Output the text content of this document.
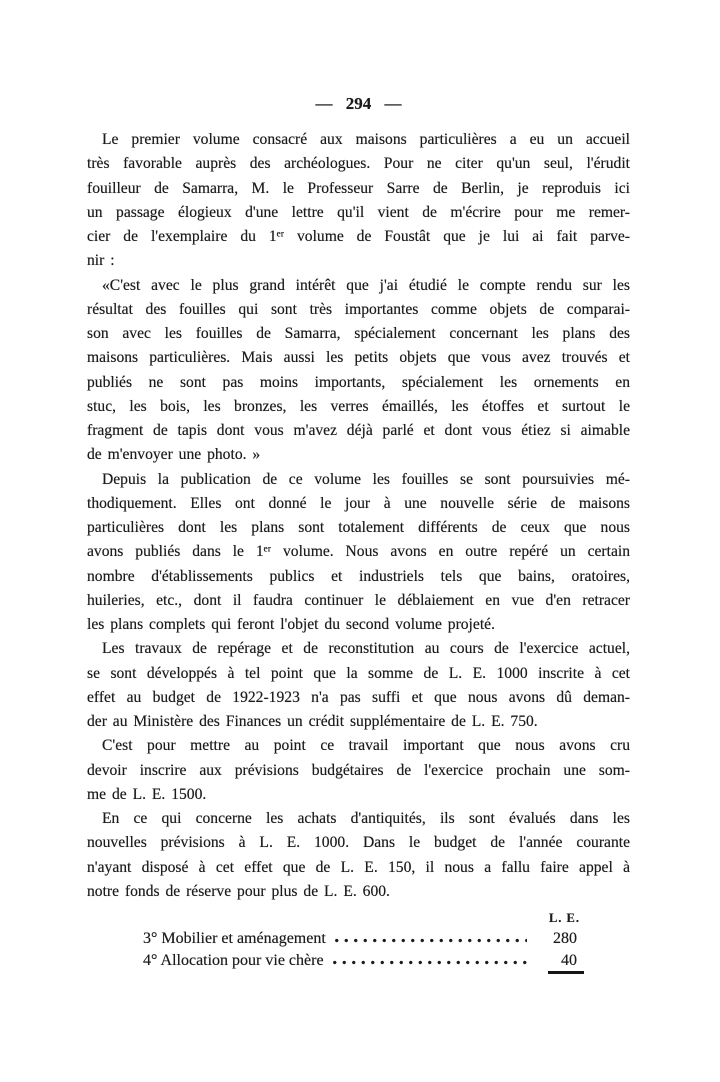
— 294 —
Le premier volume consacré aux maisons particulières a eu un accueil
très favorable auprès des archéologues. Pour ne citer qu'un seul, l'érudit
fouilleur de Samarra, M. le Professeur Sarre de Berlin, je reproduis ici
un passage élogieux d'une lettre qu'il vient de m'écrire pour me remer-
cier de l'exemplaire du 1ᵉʳ volume de Foustât que je lui ai fait parve-
nir :
«C'est avec le plus grand intérêt que j'ai étudié le compte rendu sur les
résultat des fouilles qui sont très importantes comme objets de comparai-
son avec les fouilles de Samarra, spécialement concernant les plans des
maisons particulières. Mais aussi les petits objets que vous avez trouvés et
publiés ne sont pas moins importants, spécialement les ornements en
stuc, les bois, les bronzes, les verres émaillés, les étoffes et surtout le
fragment de tapis dont vous m'avez déjà parlé et dont vous étiez si aimable
de m'envoyer une photo. »
Depuis la publication de ce volume les fouilles se sont poursuivies mé-
thodiquement. Elles ont donné le jour à une nouvelle série de maisons
particulières dont les plans sont totalement différents de ceux que nous
avons publiés dans le 1ᵉʳ volume. Nous avons en outre repéré un certain
nombre d'établissements publics et industriels tels que bains, oratoires,
huileries, etc., dont il faudra continuer le déblaiement en vue d'en retracer
les plans complets qui feront l'objet du second volume projeté.
Les travaux de repérage et de reconstitution au cours de l'exercice actuel,
se sont développés à tel point que la somme de L. E. 1000 inscrite à cet
effet au budget de 1922-1923 n'a pas suffi et que nous avons dû deman-
der au Ministère des Finances un crédit supplémentaire de L. E. 750.
C'est pour mettre au point ce travail important que nous avons cru
devoir inscrire aux prévisions budgétaires de l'exercice prochain une som-
me de L. E. 1500.
En ce qui concerne les achats d'antiquités, ils sont évalués dans les
nouvelles prévisions à L. E. 1000. Dans le budget de l'année courante
n'ayant disposé à cet effet que de L. E. 150, il nous a fallu faire appel à
notre fonds de réserve pour plus de L. E. 600.
L. E.
3° Mobilier et aménagement	280
4° Allocation pour vie chère	40
